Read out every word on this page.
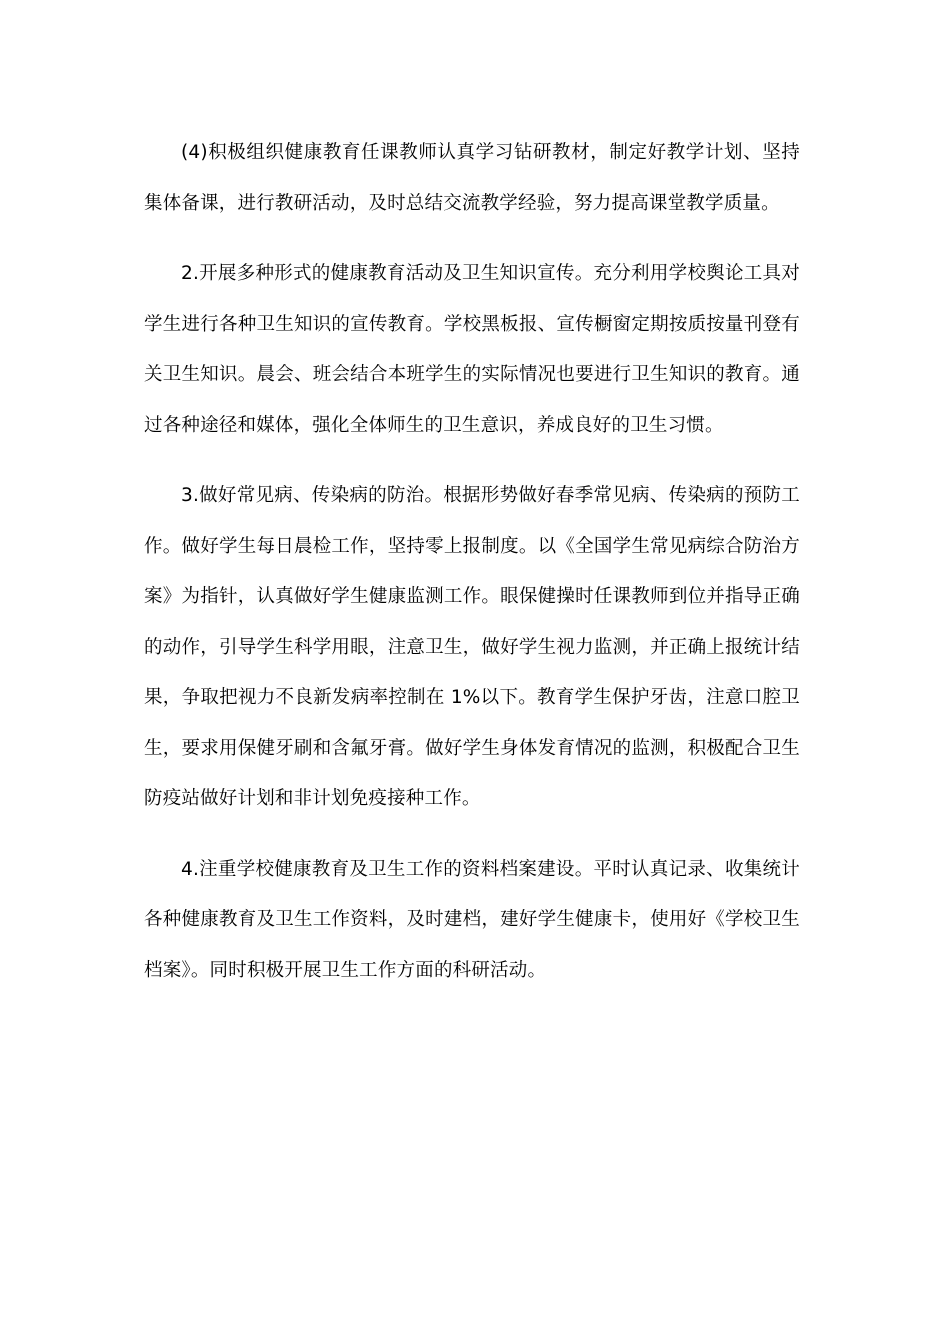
(4)积极组织健康教育任课教师认真学习钻研教材，制定好教学计划、坚持集体备课，进行教研活动，及时总结交流教学经验，努力提高课堂教学质量。

2.开展多种形式的健康教育活动及卫生知识宣传。充分利用学校舆论工具对学生进行各种卫生知识的宣传教育。学校黑板报、宣传橱窗定期按质按量刊登有关卫生知识。晨会、班会结合本班学生的实际情况也要进行卫生知识的教育。通过各种途径和媒体，强化全体师生的卫生意识，养成良好的卫生习惯。

3.做好常见病、传染病的防治。根据形势做好春季常见病、传染病的预防工作。做好学生每日晨检工作，坚持零上报制度。以《全国学生常见病综合防治方案》为指针，认真做好学生健康监测工作。眼保健操时任课教师到位并指导正确的动作，引导学生科学用眼，注意卫生，做好学生视力监测，并正确上报统计结果，争取把视力不良新发病率控制在 1%以下。教育学生保护牙齿，注意口腔卫生，要求用保健牙刷和含氟牙膏。做好学生身体发育情况的监测，积极配合卫生防疫站做好计划和非计划免疫接种工作。

4.注重学校健康教育及卫生工作的资料档案建设。平时认真记录、收集统计各种健康教育及卫生工作资料，及时建档，建好学生健康卡，使用好《学校卫生档案》。同时积极开展卫生工作方面的科研活动。
